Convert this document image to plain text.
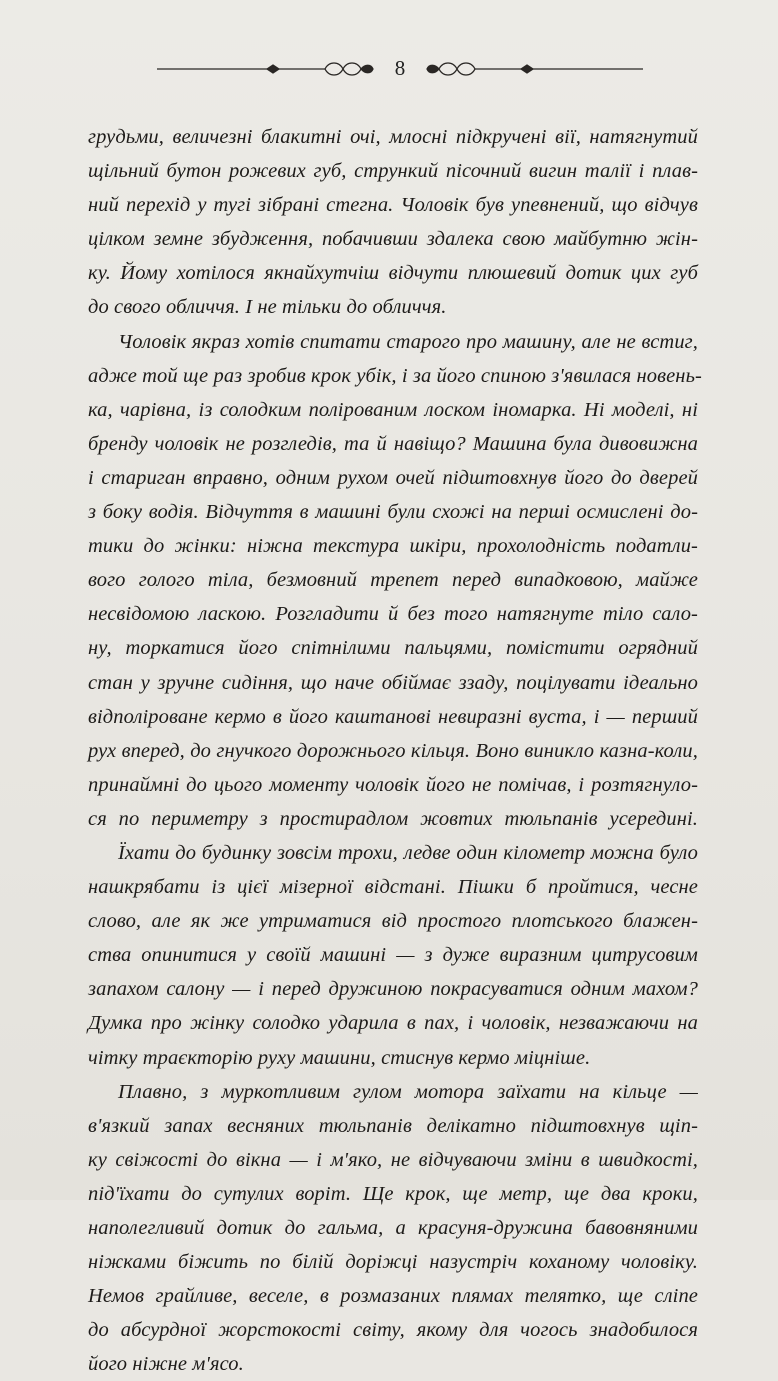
8

грудьми, величезні блакитні очі, млосні підкручені вії, натягнутий
щільний бутон рожевих губ, стрункий пісочний вигин талії і плав-
ний перехід у тугі зібрані стегна. Чоловік був упевнений, що відчув
цілком земне збудження, побачивши здалека свою майбутню жін-
ку. Йому хотілося якнайхутчіш відчути плюшевий дотик цих губ
до свого обличчя. І не тільки до обличчя.

Чоловік якраз хотів спитати старого про машину, але не встиг,
адже той ще раз зробив крок убік, і за його спиною з'явилася новень-
ка, чарівна, із солодким полірованим лоском іномарка. Ні моделі, ні
бренду чоловік не розгледів, та й навіщо? Машина була дивовижна
і стариган вправно, одним рухом очей підштовхнув його до дверей
з боку водія. Відчуття в машині були схожі на перші осмислені до-
тики до жінки: ніжна текстура шкіри, прохолодність податли-
вого голого тіла, безмовний трепет перед випадковою, майже
несвідомою ласкою. Розгладити й без того натягнуте тіло сало-
ну, торкатися його спітнілими пальцями, помістити огрядний
стан у зручне сидіння, що наче обіймає ззаду, поцілувати ідеально
відполіроване кермо в його каштанові невиразні вуста, і — перший
рух вперед, до гнучкого дорожнього кільця. Воно виникло казна-коли,
принаймні до цього моменту чоловік його не помічав, і розтягнуло-
ся по периметру з простирадлом жовтих тюльпанів усередині.

Їхати до будинку зовсім трохи, ледве один кілометр можна було
нашкрябати із цієї мізерної відстані. Пішки б пройтися, чесне
слово, але як же утриматися від простого плотського блажен-
ства опинитися у своїй машині — з дуже виразним цитрусовим
запахом салону — і перед дружиною покрасуватися одним махом?
Думка про жінку солодко ударила в пах, і чоловік, незважаючи на
чітку траєкторію руху машини, стиснув кермо міцніше.

Плавно, з муркотливим гулом мотора заїхати на кільце —
в'язкий запах весняних тюльпанів делікатно підштовхнув щіп-
ку свіжості до вікна — і м'яко, не відчуваючи зміни в швидкості,
під'їхати до сутулих воріт. Ще крок, ще метр, ще два кроки,
наполегливий дотик до гальма, а красуня-дружина бавовняними
ніжками біжить по білій доріжці назустріч коханому чоловіку.
Немов грайливе, веселе, в розмазаних плямах телятко, ще сліпе
до абсурдної жорстокості світу, якому для чогось знадобилося
його ніжне м'ясо.
